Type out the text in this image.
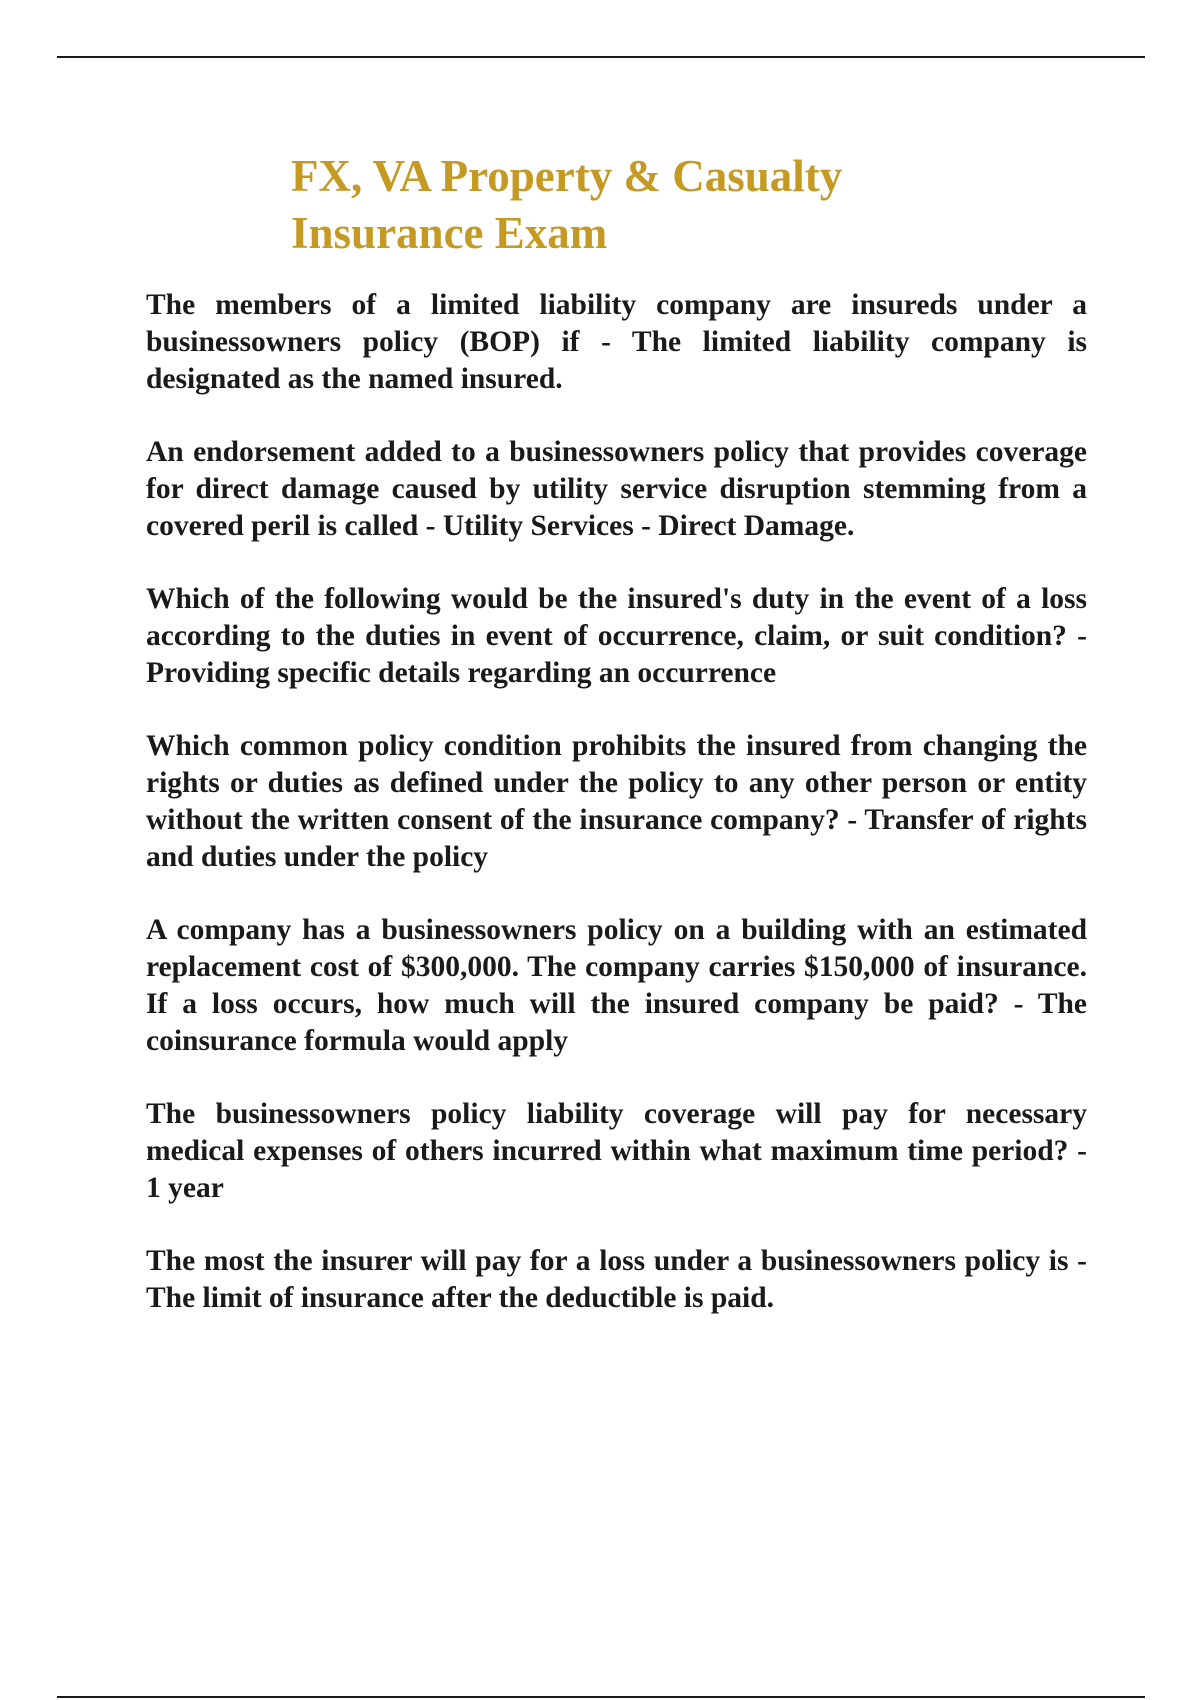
FX, VA Property & Casualty
Insurance Exam

The members of a limited liability company are insureds under a businessowners policy (BOP) if - The limited liability company is designated as the named insured.

An endorsement added to a businessowners policy that provides coverage for direct damage caused by utility service disruption stemming from a covered peril is called - Utility Services - Direct Damage.

Which of the following would be the insured's duty in the event of a loss according to the duties in event of occurrence, claim, or suit condition? - Providing specific details regarding an occurrence

Which common policy condition prohibits the insured from changing the rights or duties as defined under the policy to any other person or entity without the written consent of the insurance company? - Transfer of rights and duties under the policy

A company has a businessowners policy on a building with an estimated replacement cost of $300,000. The company carries $150,000 of insurance. If a loss occurs, how much will the insured company be paid? - The coinsurance formula would apply

The businessowners policy liability coverage will pay for necessary medical expenses of others incurred within what maximum time period? - 1 year

The most the insurer will pay for a loss under a businessowners policy is - The limit of insurance after the deductible is paid.
